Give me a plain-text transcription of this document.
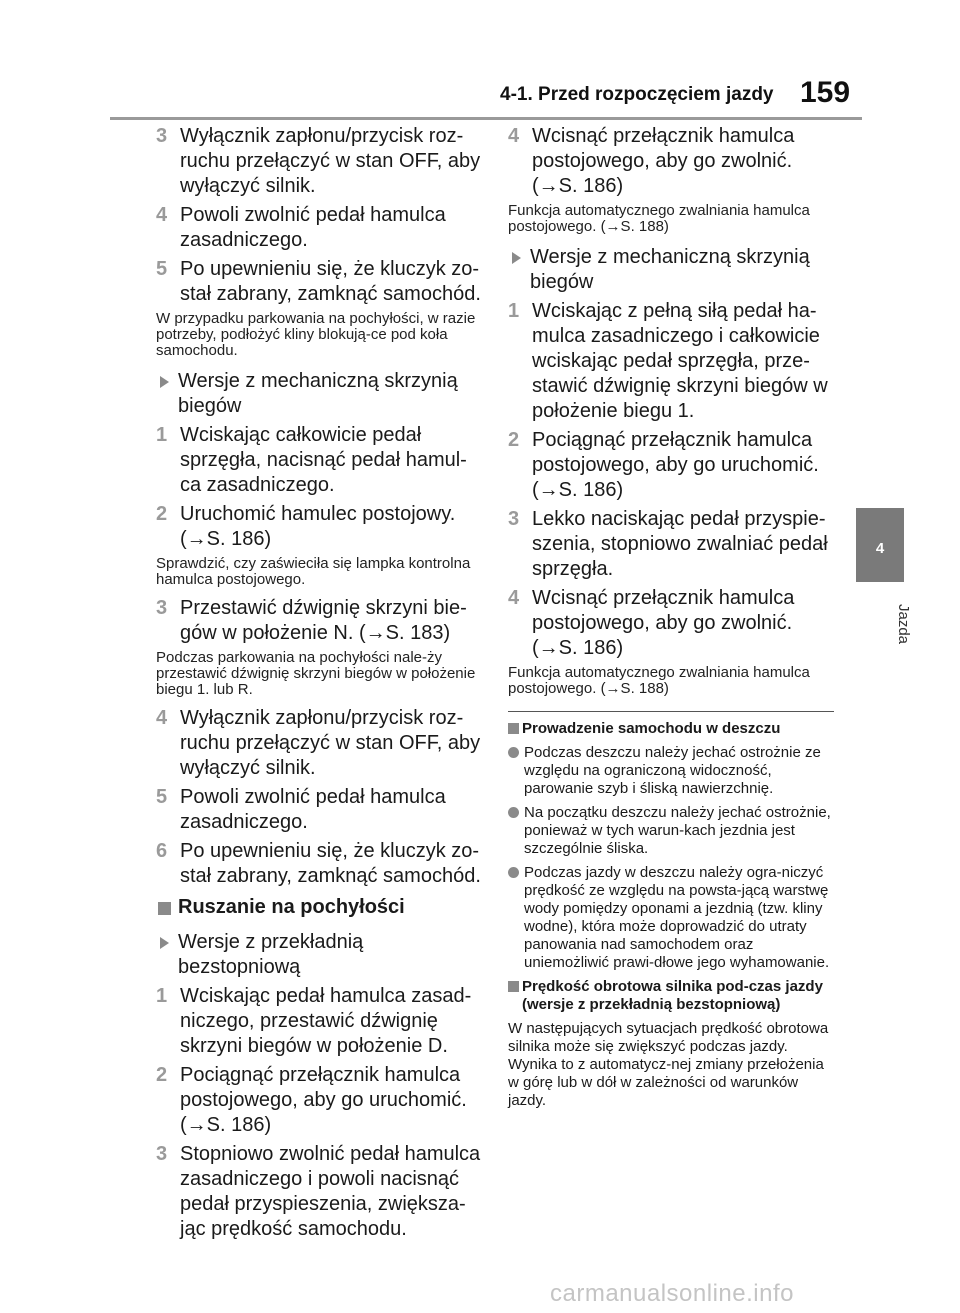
4-1. Przed rozpoczęciem jazdy 159
4
Jazda
3 Wyłącznik zapłonu/przycisk roz-ruchu przełączyć w stan OFF, aby wyłączyć silnik.
4 Powoli zwolnić pedał hamulca zasadniczego.
5 Po upewnieniu się, że kluczyk zo-stał zabrany, zamknąć samochód.

W przypadku parkowania na pochyłości, w razie potrzeby, podłożyć kliny blokują-ce pod koła samochodu.

Wersje z mechaniczną skrzynią biegów
1 Wciskając całkowicie pedał sprzęgła, nacisnąć pedał hamul-ca zasadniczego.
2 Uruchomić hamulec postojowy. (→S. 186)

Sprawdzić, czy zaświeciła się lampka kontrolna hamulca postojowego.

3 Przestawić dźwignię skrzyni bie-gów w położenie N. (→S. 183)

Podczas parkowania na pochyłości nale-ży przestawić dźwignię skrzyni biegów w położenie biegu 1. lub R.

4 Wyłącznik zapłonu/przycisk roz-ruchu przełączyć w stan OFF, aby wyłączyć silnik.
5 Powoli zwolnić pedał hamulca zasadniczego.
6 Po upewnieniu się, że kluczyk zo-stał zabrany, zamknąć samochód.
Ruszanie na pochyłości
Wersje z przekładnią bezstopniową
1 Wciskając pedał hamulca zasad-niczego, przestawić dźwignię skrzyni biegów w położenie D.
2 Pociągnąć przełącznik hamulca postojowego, aby go uruchomić. (→S. 186)
3 Stopniowo zwolnić pedał hamulca zasadniczego i powoli nacisnąć pedał przyspieszenia, zwiększa-jąc prędkość samochodu.
4 Wcisnąć przełącznik hamulca postojowego, aby go zwolnić. (→S. 186)

Funkcja automatycznego zwalniania hamulca postojowego. (→S. 188)

Wersje z mechaniczną skrzynią biegów
1 Wciskając z pełną siłą pedał ha-mulca zasadniczego i całkowicie wciskając pedał sprzęgła, prze-stawić dźwignię skrzyni biegów w położenie biegu 1.
2 Pociągnąć przełącznik hamulca postojowego, aby go uruchomić. (→S. 186)
3 Lekko naciskając pedał przyspie-szenia, stopniowo zwalniać pedał sprzęgła.
4 Wcisnąć przełącznik hamulca postojowego, aby go zwolnić. (→S. 186)

Funkcja automatycznego zwalniania hamulca postojowego. (→S. 188)

Prowadzenie samochodu w deszczu
Podczas deszczu należy jechać ostrożnie ze względu na ograniczoną widoczność, parowanie szyb i śliską nawierzchnię.
Na początku deszczu należy jechać ostrożnie, ponieważ w tych warun-kach jezdnia jest szczególnie śliska.
Podczas jazdy w deszczu należy ogra-niczyć prędkość ze względu na powsta-jącą warstwę wody pomiędzy oponami a jezdnią (tzw. kliny wodne), która może doprowadzić do utraty panowania nad samochodem oraz uniemożliwić prawi-dłowe jego wyhamowanie.
Prędkość obrotowa silnika pod-czas jazdy (wersje z przekładnią bezstopniową)

W następujących sytuacjach prędkość obrotowa silnika może się zwiększyć podczas jazdy. Wynika to z automatycz-nej zmiany przełożenia w górę lub w dół w zależności od warunków jazdy.

carmanualsonline.info
